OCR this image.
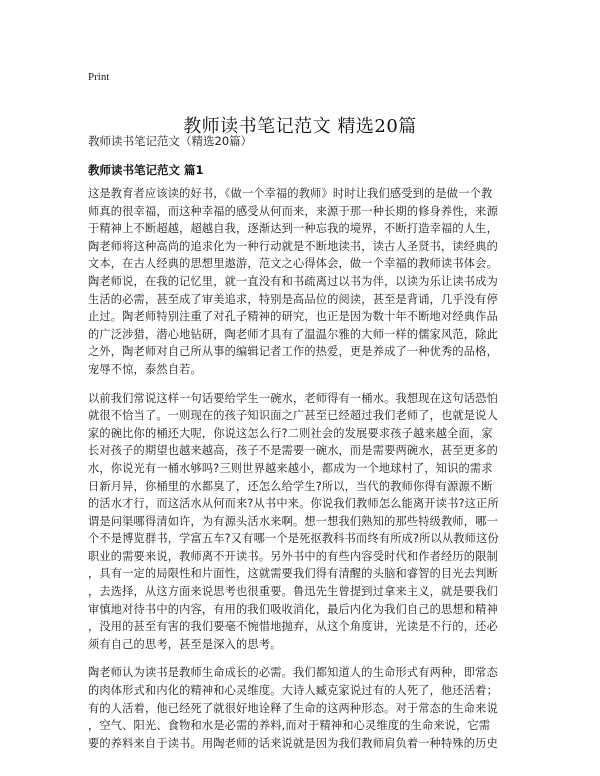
Print
教师读书笔记范文 精选20篇
教师读书笔记范文（精选20篇）
教师读书笔记范文 篇1

这是教育者应该读的好书，《做一个幸福的教师》时时让我们感受到的是做一个教
师真的很幸福，而这种幸福的感受从何而来，来源于那一种长期的修身养性，来源
于精神上不断超越，超越自我，逐渐达到一种忘我的境界，不断打造幸福的人生，
陶老师将这种高尚的追求化为一种行动就是不断地读书，读古人圣贤书，读经典的
文本，在古人经典的思想里遨游，范文之心得体会，做一个幸福的教师读书体会。
陶老师说，在我的记忆里，就一直没有和书疏离过以书为伴，以读为乐让读书成为
生活的必需，甚至成了审美追求，特别是高品位的阅读，甚至是背诵，几乎没有停
止过。陶老师特别注重了对孔子精神的研究，也正是因为数十年不断地对经典作品
的广泛涉猎，潜心地钻研，陶老师才具有了温温尔雅的大师一样的儒家风范，除此
之外，陶老师对自己所从事的编辑记者工作的热爱，更是养成了一种优秀的品格，
宠辱不惊，泰然自若。

以前我们常说这样一句话要给学生一碗水，老师得有一桶水。我想现在这句话恐怕
就很不恰当了。一则现在的孩子知识面之广甚至已经超过我们老师了，也就是说人
家的碗比你的桶还大呢，你说这怎么行?二则社会的发展要求孩子越来越全面，家
长对孩子的期望也越来越高，孩子不是需要一碗水，而是需要两碗水，甚至更多的
水，你说光有一桶水够吗?三则世界越来越小，都成为一个地球村了，知识的需求
日新月异，你桶里的水都臭了，还怎么给学生?所以，当代的教师你得有源源不断
的活水才行，而这活水从何而来?从书中来。你说我们教师怎么能离开读书?这正所
谓是问渠哪得清如许，为有源头活水来啊。想一想我们熟知的那些特级教师，哪一
个不是博览群书，学富五车?又有哪一个是死抠教科书而终有所成?所以从教师这份
职业的需要来说，教师离不开读书。另外书中的有些内容受时代和作者经历的限制
，具有一定的局限性和片面性，这就需要我们得有清醒的头脑和睿智的目光去判断
，去选择，从这方面来说思考也很重要。鲁迅先生曾提到过拿来主义，就是要我们
审慎地对待书中的内容，有用的我们吸收消化，最后内化为我们自己的思想和精神
，没用的甚至有害的我们要毫不惋惜地抛弃，从这个角度讲，光读是不行的，还必
须有自己的思考，甚至是深入的思考。

陶老师认为读书是教师生命成长的必需。我们都知道人的生命形式有两种，即常态
的肉体形式和内化的精神和心灵维度。大诗人臧克家说过有的人死了，他还活着；
有的人活着，他已经死了就很好地诠释了生命的这两种形态。对于常态的生命来说
，空气、阳光、食物和水是必需的养料,而对于精神和心灵维度的生命来说，它需
要的养料来自于读书。用陶老师的话来说就是因为我们教师肩负着一种特殊的历史
